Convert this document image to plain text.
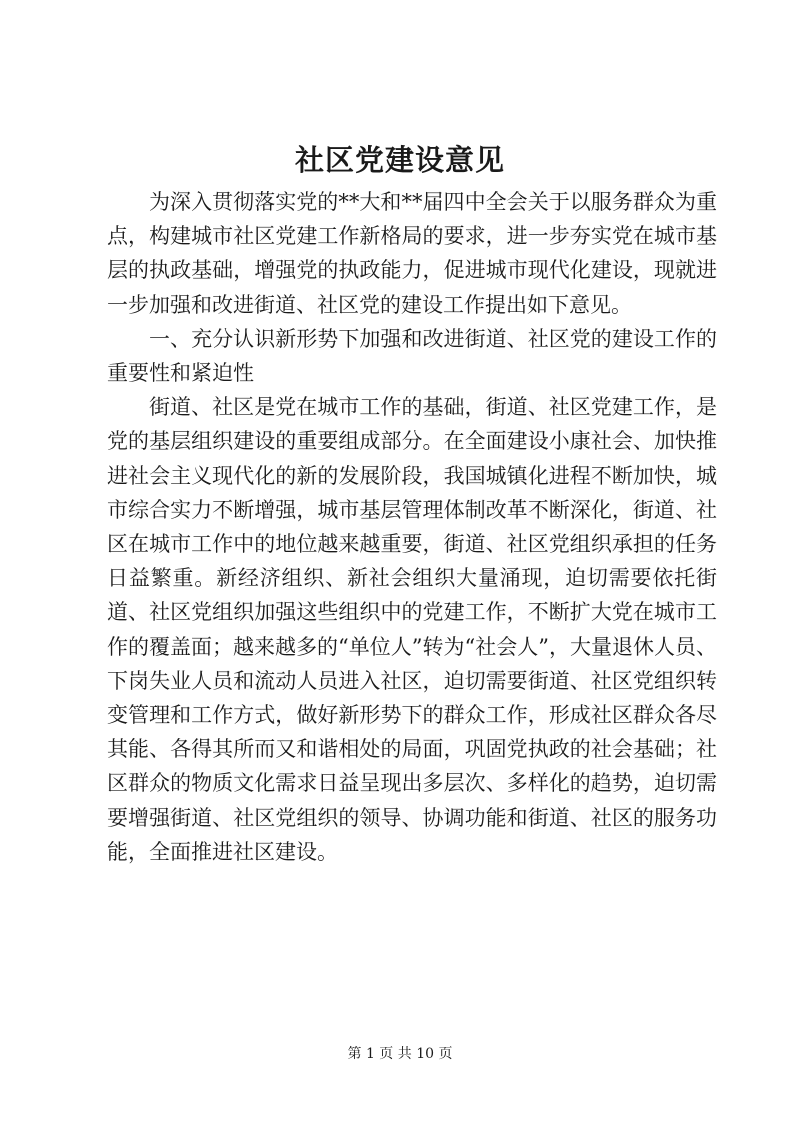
社区党建设意见

为深入贯彻落实党的**大和**届四中全会关于以服务群众为重点，构建城市社区党建工作新格局的要求，进一步夯实党在城市基层的执政基础，增强党的执政能力，促进城市现代化建设，现就进一步加强和改进街道、社区党的建设工作提出如下意见。

一、充分认识新形势下加强和改进街道、社区党的建设工作的重要性和紧迫性

街道、社区是党在城市工作的基础，街道、社区党建工作，是党的基层组织建设的重要组成部分。在全面建设小康社会、加快推进社会主义现代化的新的发展阶段，我国城镇化进程不断加快，城市综合实力不断增强，城市基层管理体制改革不断深化，街道、社区在城市工作中的地位越来越重要，街道、社区党组织承担的任务日益繁重。新经济组织、新社会组织大量涌现，迫切需要依托街道、社区党组织加强这些组织中的党建工作，不断扩大党在城市工作的覆盖面；越来越多的“单位人”转为“社会人”，大量退休人员、下岗失业人员和流动人员进入社区，迫切需要街道、社区党组织转变管理和工作方式，做好新形势下的群众工作，形成社区群众各尽其能、各得其所而又和谐相处的局面，巩固党执政的社会基础；社区群众的物质文化需求日益呈现出多层次、多样化的趋势，迫切需要增强街道、社区党组织的领导、协调功能和街道、社区的服务功能，全面推进社区建设。

第 1 页 共 10 页
